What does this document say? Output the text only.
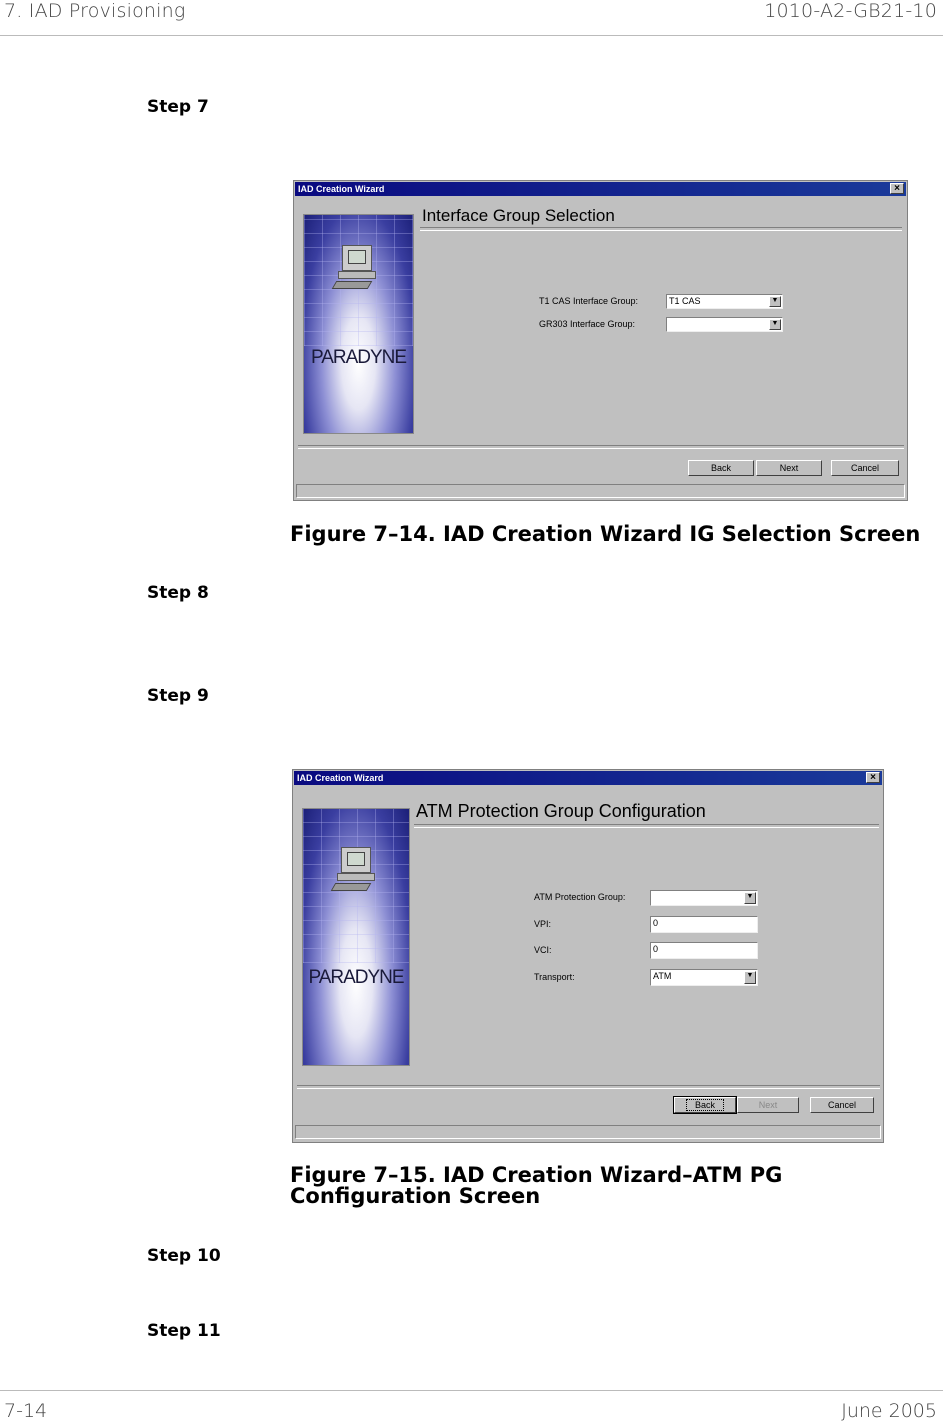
7. IAD Provisioning	1010-A2-GB21-10
Step 7
IAD Creation Wizard	×
PARADYNE
Interface Group Selection
T1 CAS Interface Group:	T1 CAS	▼
GR303 Interface Group:	▼
Back	Next	Cancel
Figure 7–14. IAD Creation Wizard IG Selection Screen
Step 8
Step 9
IAD Creation Wizard	×
PARADYNE
ATM Protection Group Configuration
ATM Protection Group:	▼
VPI:	0
VCI:	0
Transport:	ATM	▼
Back	Next	Cancel
Figure 7–15. IAD Creation Wizard–ATM PG
Configuration Screen
Step 10
Step 11
7-14	June 2005
